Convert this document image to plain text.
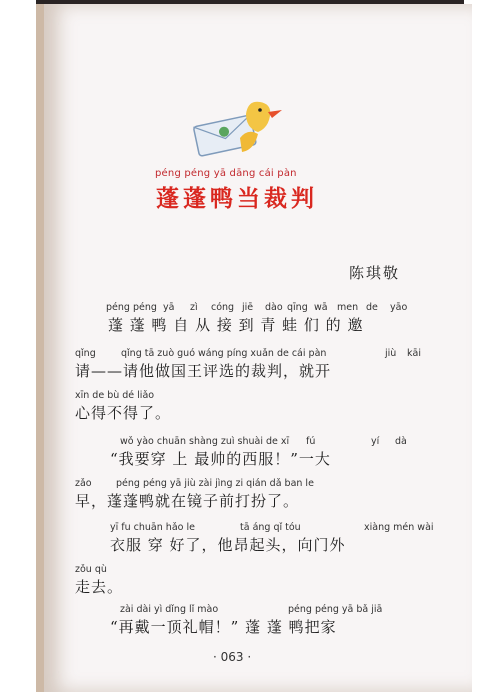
péng péng yā dāng cái pàn
蓬蓬鸭当裁判
陈琪敬
péng péng yā zì cóng jiē dào qīng wā men de yāo
蓬 蓬 鸭 自 从 接 到 青 蛙 们 的 邀
qǐng	qǐng tā zuò guó wáng píng xuǎn de cái pàn	jiù kāi
请——请他做国王评选的裁判，就开
xīn de bù dé liǎo
心得不得了。
wǒ yào chuān shàng zuì shuài de xī fú	yí dà
“我要穿 上 最帅的西服！”一大
zǎo	péng péng yā jiù zài jìng zi qián dǎ ban le
早，蓬蓬鸭就在镜子前打扮了。
yī fu chuān hǎo le	tā áng qǐ tóu	xiàng mén wài
衣服 穿 好了，他昂起头，向门外
zǒu qù
走去。
zài dài yì dǐng lǐ mào	péng péng yā bǎ jiā
“再戴一顶礼帽！” 蓬 蓬 鸭把家
· 063 ·
